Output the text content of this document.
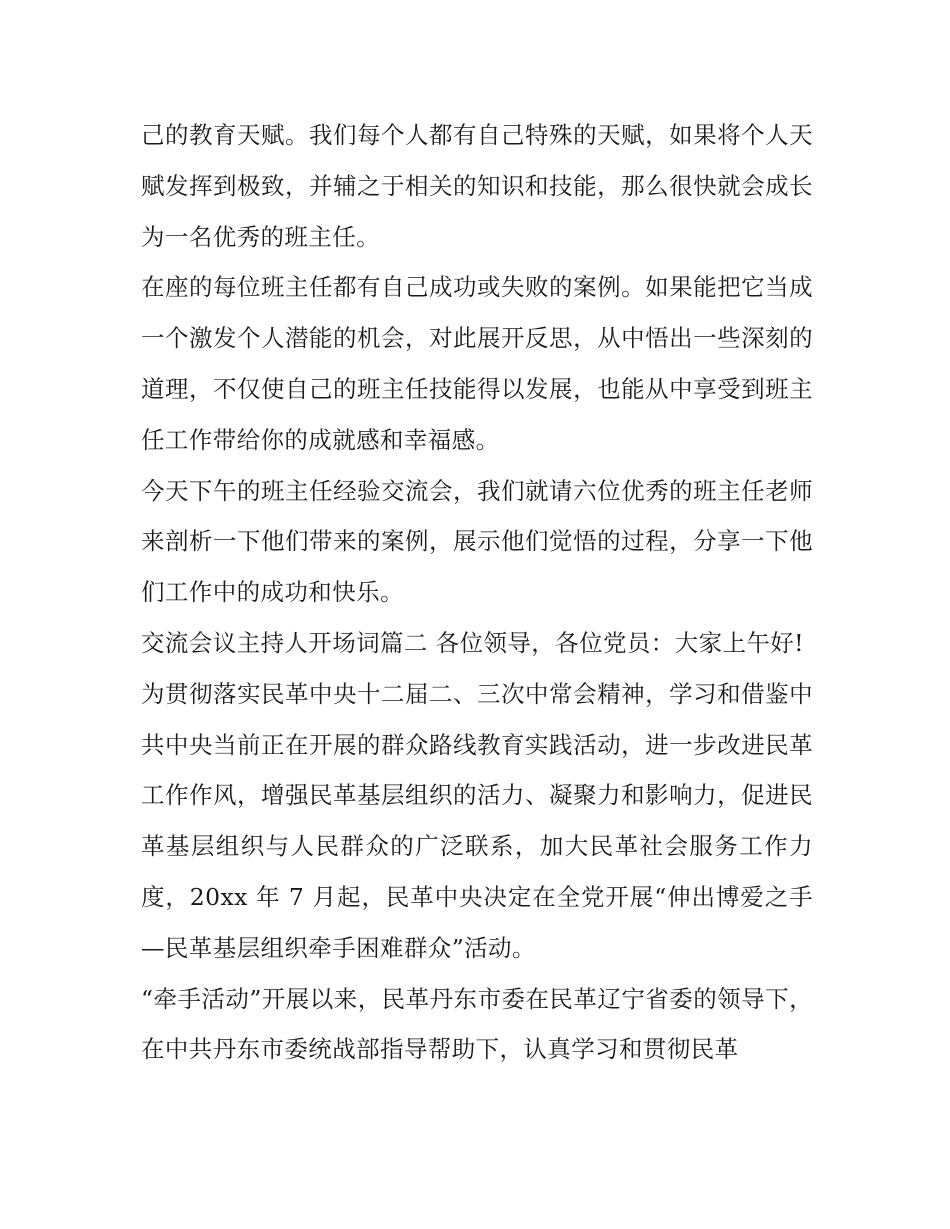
己的教育天赋。我们每个人都有自己特殊的天赋，如果将个人天赋发挥到极致，并辅之于相关的知识和技能，那么很快就会成长为一名优秀的班主任。

在座的每位班主任都有自己成功或失败的案例。如果能把它当成一个激发个人潜能的机会，对此展开反思，从中悟出一些深刻的道理，不仅使自己的班主任技能得以发展，也能从中享受到班主任工作带给你的成就感和幸福感。

今天下午的班主任经验交流会，我们就请六位优秀的班主任老师来剖析一下他们带来的案例，展示他们觉悟的过程，分享一下他们工作中的成功和快乐。

交流会议主持人开场词篇二 各位领导，各位党员：大家上午好!

为贯彻落实民革中央十二届二、三次中常会精神，学习和借鉴中共中央当前正在开展的群众路线教育实践活动，进一步改进民革工作作风，增强民革基层组织的活力、凝聚力和影响力，促进民革基层组织与人民群众的广泛联系，加大民革社会服务工作力度，20xx 年 7 月起，民革中央决定在全党开展“伸出博爱之手—民革基层组织牵手困难群众”活动。

“牵手活动”开展以来，民革丹东市委在民革辽宁省委的领导下，在中共丹东市委统战部指导帮助下，认真学习和贯彻民革
